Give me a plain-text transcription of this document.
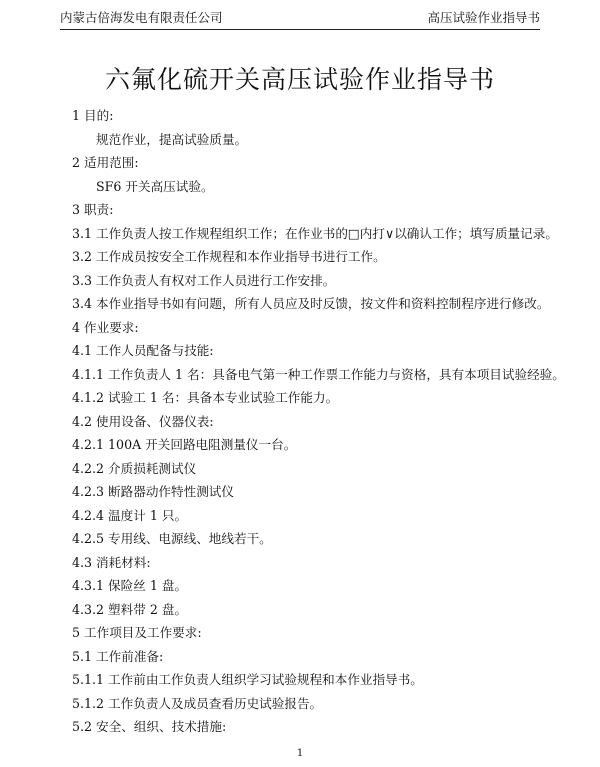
内蒙古倍海发电有限责任公司	高压试验作业指导书
六氟化硫开关高压试验作业指导书
1 目的:
规范作业，提高试验质量。
2 适用范围:
SF6 开关高压试验。
3 职责:
3.1 工作负责人按工作规程组织工作；在作业书的□内打∨以确认工作；填写质量记录。
3.2 工作成员按安全工作规程和本作业指导书进行工作。
3.3 工作负责人有权对工作人员进行工作安排。
3.4 本作业指导书如有问题，所有人员应及时反馈，按文件和资料控制程序进行修改。
4 作业要求:
4.1 工作人员配备与技能:
4.1.1 工作负责人 1 名：具备电气第一种工作票工作能力与资格，具有本项目试验经验。
4.1.2 试验工 1 名：具备本专业试验工作能力。
4.2 使用设备、仪器仪表:
4.2.1 100A 开关回路电阻测量仪一台。
4.2.2 介质损耗测试仪
4.2.3 断路器动作特性测试仪
4.2.4 温度计 1 只。
4.2.5 专用线、电源线、地线若干。
4.3 消耗材料:
4.3.1 保险丝 1 盘。
4.3.2 塑料带 2 盘。
5 工作项目及工作要求:
5.1 工作前准备:
5.1.1 工作前由工作负责人组织学习试验规程和本作业指导书。
5.1.2 工作负责人及成员查看历史试验报告。
5.2 安全、组织、技术措施:
1
